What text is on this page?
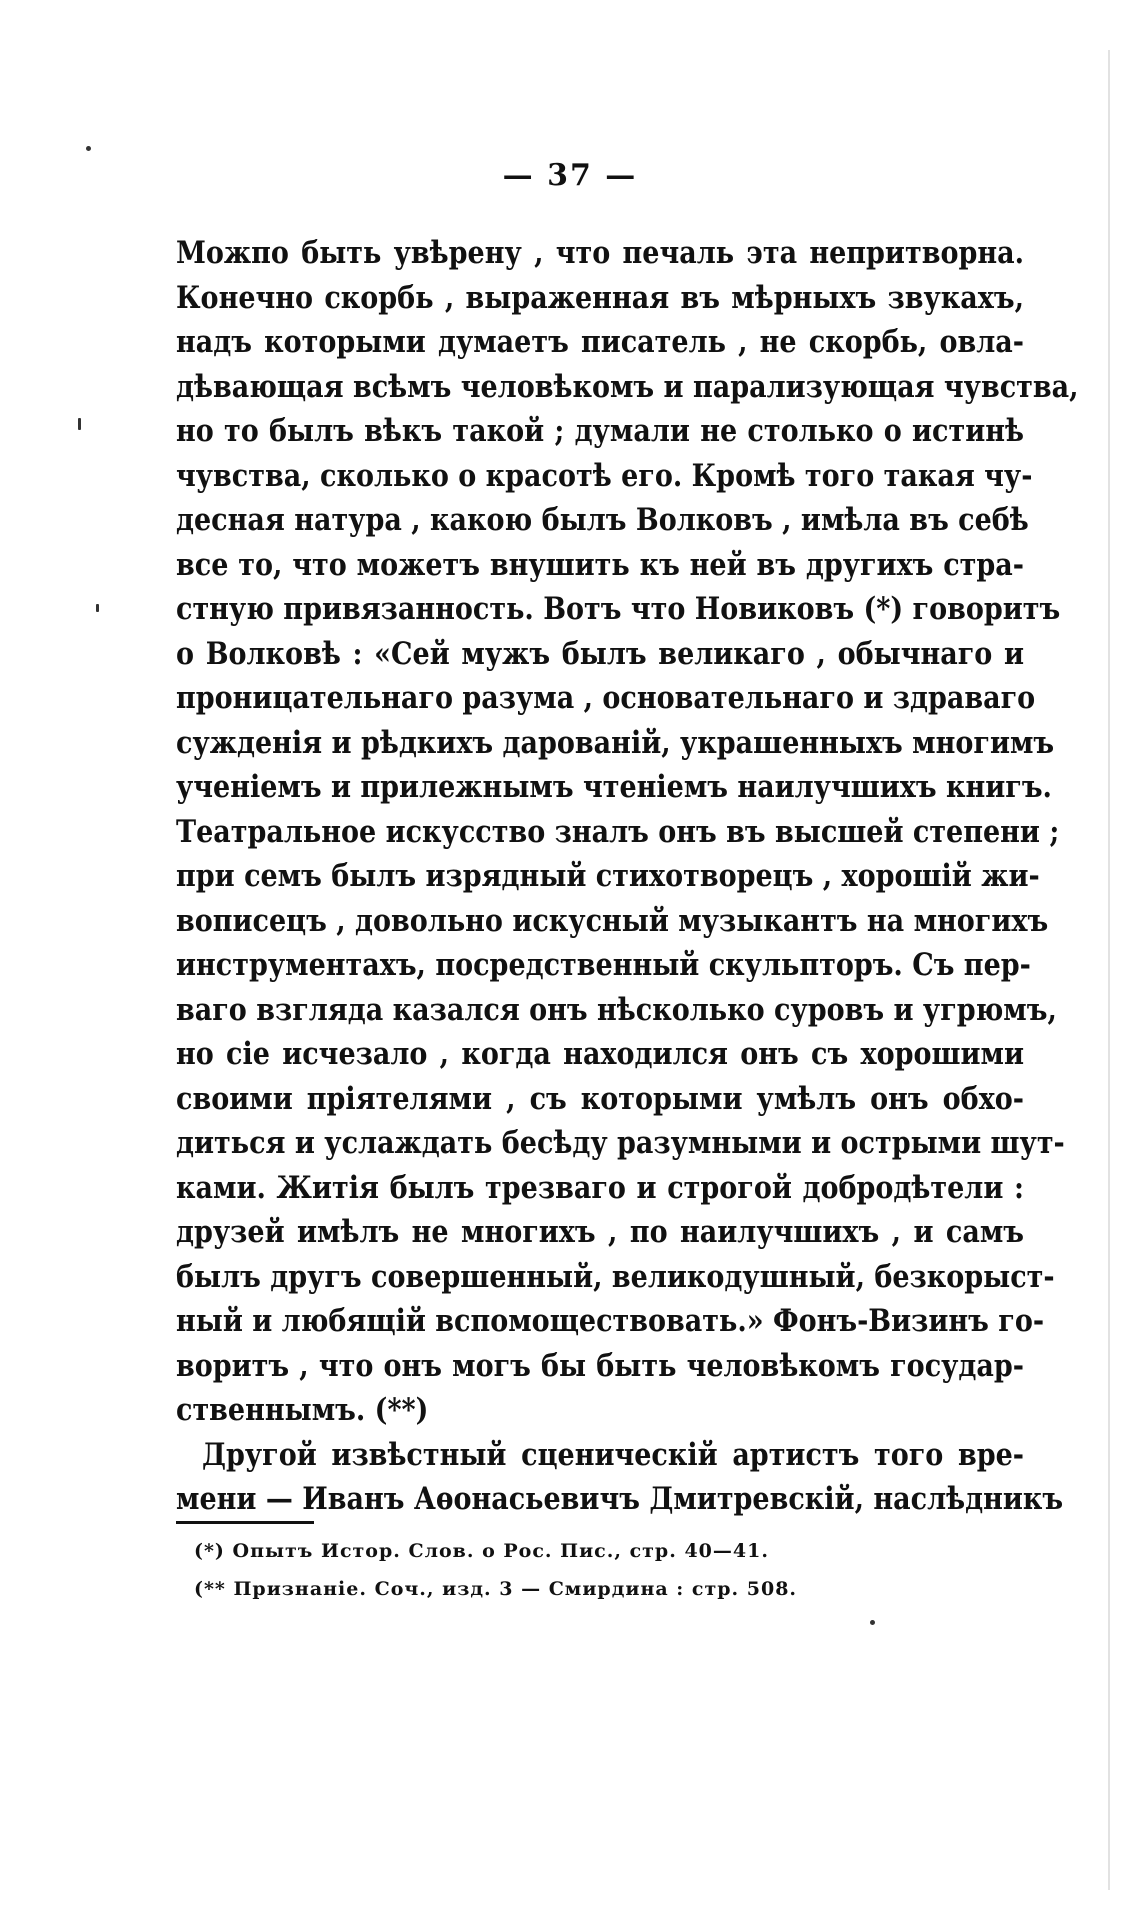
— 37 —
Можпо быть увѣрену , что печаль эта непритворна.
Конечно скорбь , выраженная въ мѣрныхъ звукахъ,
надъ которыми думаетъ писатель , не скорбь, овла-
дѣвающая всѣмъ человѣкомъ и парализующая чувства,
но то былъ вѣкъ такой ; думали не столько о истинѣ
чувства, сколько о красотѣ его. Кромѣ того такая чу-
десная натура , какою былъ Волковъ , имѣла въ себѣ
все то, что можетъ внушить къ ней въ другихъ стра-
стную привязанность. Вотъ что Новиковъ (*) говоритъ
о Волковѣ : «Сей мужъ былъ великаго , обычнаго и
проницательнаго разума , основательнаго и здраваго
сужденія и рѣдкихъ дарованій, украшенныхъ многимъ
ученіемъ и прилежнымъ чтеніемъ наилучшихъ книгъ.
Театральное искусство зналъ онъ въ высшей степени ;
при семъ былъ изрядный стихотворецъ , хорошій жи-
вописецъ , довольно искусный музыкантъ на многихъ
инструментахъ, посредственный скульпторъ. Съ пер-
ваго взгляда казался онъ нѣсколько суровъ и угрюмъ,
но сіе исчезало , когда находился онъ съ хорошими
своими пріятелями , съ которыми умѣлъ онъ обхо-
диться и услаждать бесѣду разумными и острыми шут-
ками. Житія былъ трезваго и строгой добродѣтели :
друзей имѣлъ не многихъ , по наилучшихъ , и самъ
былъ другъ совершенный, великодушный, безкорыст-
ный и любящій вспомоществовать.» Фонъ-Визинъ го-
воритъ , что онъ могъ бы быть человѣкомъ государ-
ственнымъ. (**)
Другой извѣстный сценическій артистъ того вре-
мени — Иванъ Аѳонасьевичъ Дмитревскій, наслѣдникъ
(*) Опытъ Истор. Слов. о Рос. Пис., стр. 40—41.
(** Признаніе. Соч., изд. 3 — Смирдина : стр. 508.
